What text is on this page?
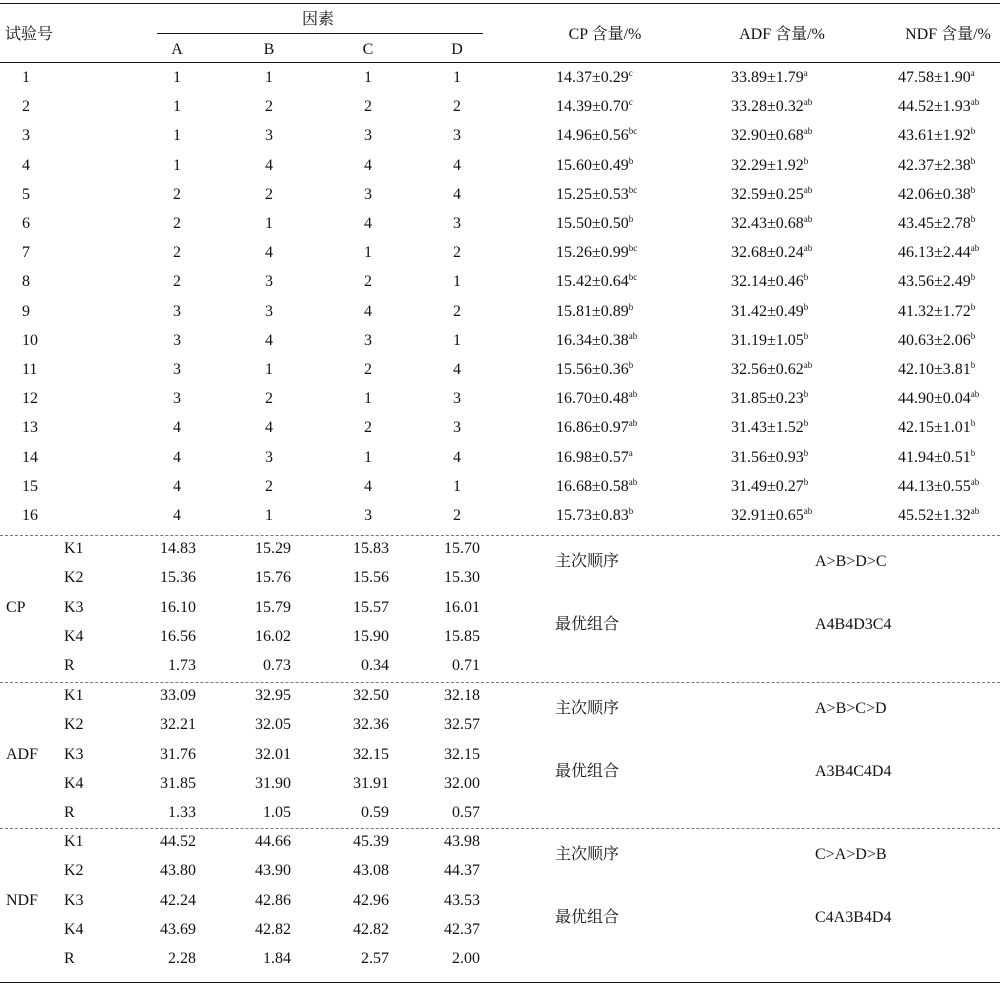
试验号
因素
A	B	C	D
CP 含量/%	ADF 含量/%	NDF 含量/%
1	1	1	1	1	14.37±0.29$^c$	33.89±1.79$^a$	47.58±1.90$^a$
2	1	2	2	2	14.39±0.70$^c$	33.28±0.32$^{ab}$	44.52±1.93$^{ab}$
3	1	3	3	3	14.96±0.56$^{bc}$	32.90±0.68$^{ab}$	43.61±1.92$^b$
4	1	4	4	4	15.60±0.49$^b$	32.29±1.92$^b$	42.37±2.38$^b$
5	2	2	3	4	15.25±0.53$^{bc}$	32.59±0.25$^{ab}$	42.06±0.38$^b$
6	2	1	4	3	15.50±0.50$^b$	32.43±0.68$^{ab}$	43.45±2.78$^b$
7	2	4	1	2	15.26±0.99$^{bc}$	32.68±0.24$^{ab}$	46.13±2.44$^{ab}$
8	2	3	2	1	15.42±0.64$^{bc}$	32.14±0.46$^b$	43.56±2.49$^b$
9	3	3	4	2	15.81±0.89$^b$	31.42±0.49$^b$	41.32±1.72$^b$
10	3	4	3	1	16.34±0.38$^{ab}$	31.19±1.05$^b$	40.63±2.06$^b$
11	3	1	2	4	15.56±0.36$^b$	32.56±0.62$^{ab}$	42.10±3.81$^b$
12	3	2	1	3	16.70±0.48$^{ab}$	31.85±0.23$^b$	44.90±0.04$^{ab}$
13	4	4	2	3	16.86±0.97$^{ab}$	31.43±1.52$^b$	42.15±1.01$^b$
14	4	3	1	4	16.98±0.57$^a$	31.56±0.93$^b$	41.94±0.51$^b$
15	4	2	4	1	16.68±0.58$^{ab}$	31.49±0.27$^b$	44.13±0.55$^{ab}$
16	4	1	3	2	15.73±0.83$^b$	32.91±0.65$^{ab}$	45.52±1.32$^{ab}$
CP
K1	14.83	15.29	15.83	15.70
K2	15.36	15.76	15.56	15.30
K3	16.10	15.79	15.57	16.01
K4	16.56	16.02	15.90	15.85
R	1.73	0.73	0.34	0.71
主次顺序	A>B>D>C
最优组合	A4B4D3C4
ADF
K1	33.09	32.95	32.50	32.18
K2	32.21	32.05	32.36	32.57
K3	31.76	32.01	32.15	32.15
K4	31.85	31.90	31.91	32.00
R	1.33	1.05	0.59	0.57
主次顺序	A>B>C>D
最优组合	A3B4C4D4
NDF
K1	44.52	44.66	45.39	43.98
K2	43.80	43.90	43.08	44.37
K3	42.24	42.86	42.96	43.53
K4	43.69	42.82	42.82	42.37
R	2.28	1.84	2.57	2.00
主次顺序	C>A>D>B
最优组合	C4A3B4D4
